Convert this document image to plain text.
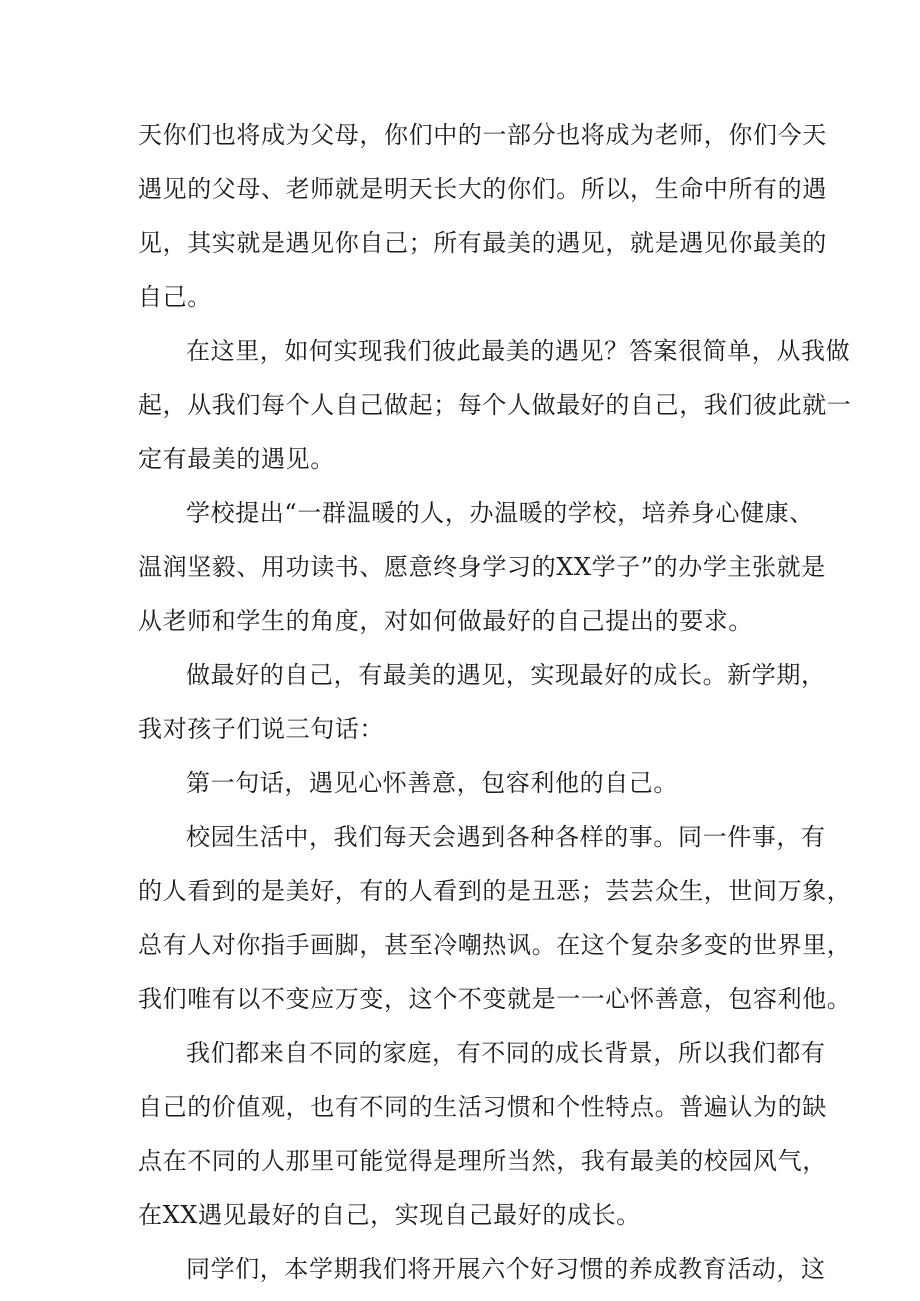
天你们也将成为父母，你们中的一部分也将成为老师，你们今天
遇见的父母、老师就是明天长大的你们。所以，生命中所有的遇
见，其实就是遇见你自己；所有最美的遇见，就是遇见你最美的
自己。
在这里，如何实现我们彼此最美的遇见？答案很简单，从我做
起，从我们每个人自己做起；每个人做最好的自己，我们彼此就一
定有最美的遇见。
学校提出“一群温暖的人，办温暖的学校，培养身心健康、
温润坚毅、用功读书、愿意终身学习的XX学子”的办学主张就是
从老师和学生的角度，对如何做最好的自己提出的要求。
做最好的自己，有最美的遇见，实现最好的成长。新学期，
我对孩子们说三句话：
第一句话，遇见心怀善意，包容利他的自己。
校园生活中，我们每天会遇到各种各样的事。同一件事，有
的人看到的是美好，有的人看到的是丑恶；芸芸众生，世间万象，
总有人对你指手画脚，甚至冷嘲热讽。在这个复杂多变的世界里，
我们唯有以不变应万变，这个不变就是一一心怀善意，包容利他。
我们都来自不同的家庭，有不同的成长背景，所以我们都有
自己的价值观，也有不同的生活习惯和个性特点。普遍认为的缺
点在不同的人那里可能觉得是理所当然，我有最美的校园风气，
在XX遇见最好的自己，实现自己最好的成长。
同学们，本学期我们将开展六个好习惯的养成教育活动，这
